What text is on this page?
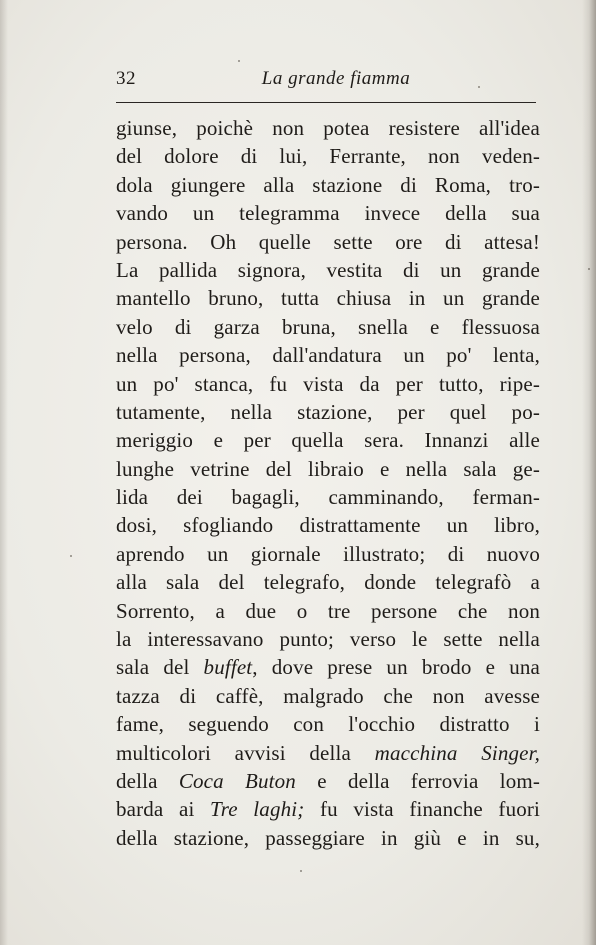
32	La grande fiamma
giunse, poichè non potea resistere all'idea
del dolore di lui, Ferrante, non veden-
dola giungere alla stazione di Roma, tro-
vando un telegramma invece della sua
persona. Oh quelle sette ore di attesa!
La pallida signora, vestita di un grande
mantello bruno, tutta chiusa in un grande
velo di garza bruna, snella e flessuosa
nella persona, dall'andatura un po' lenta,
un po' stanca, fu vista da per tutto, ripe-
tutamente, nella stazione, per quel po-
meriggio e per quella sera. Innanzi alle
lunghe vetrine del libraio e nella sala ge-
lida dei bagagli, camminando, ferman-
dosi, sfogliando distrattamente un libro,
aprendo un giornale illustrato; di nuovo
alla sala del telegrafo, donde telegrafò a
Sorrento, a due o tre persone che non
la interessavano punto; verso le sette nella
sala del buffet, dove prese un brodo e una
tazza di caffè, malgrado che non avesse
fame, seguendo con l'occhio distratto i
multicolori avvisi della macchina Singer,
della Coca Buton e della ferrovia lom-
barda ai Tre laghi; fu vista finanche fuori
della stazione, passeggiare in giù e in su,
